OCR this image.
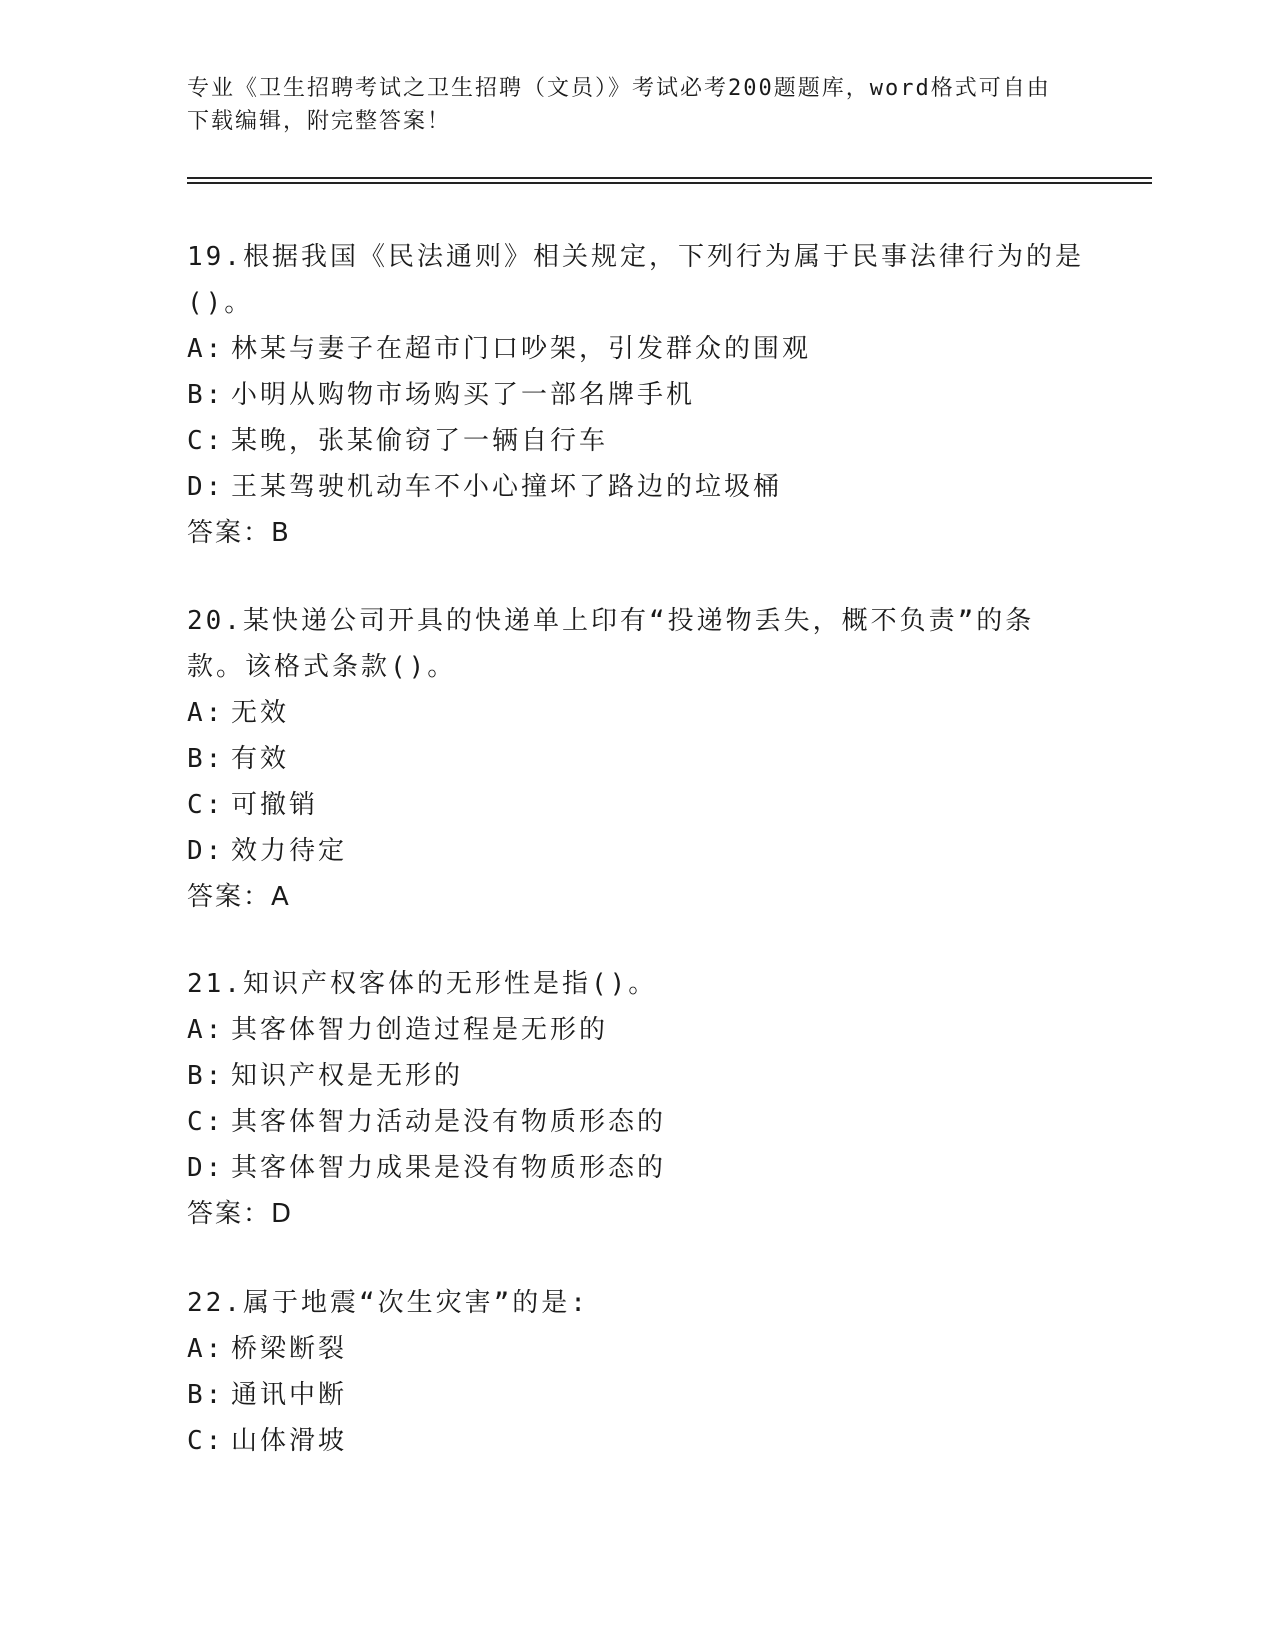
专业《卫生招聘考试之卫生招聘（文员）》考试必考200题题库，word格式可自由下载编辑，附完整答案！

19.根据我国《民法通则》相关规定，下列行为属于民事法律行为的是()。

A: 林某与妻子在超市门口吵架，引发群众的围观

B: 小明从购物市场购买了一部名牌手机

C: 某晚，张某偷窃了一辆自行车

D: 王某驾驶机动车不小心撞坏了路边的垃圾桶

答案：B

20.某快递公司开具的快递单上印有“投递物丢失，概不负责”的条款。该格式条款()。

A: 无效

B: 有效

C: 可撤销

D: 效力待定

答案：A

21.知识产权客体的无形性是指()。

A: 其客体智力创造过程是无形的

B: 知识产权是无形的

C: 其客体智力活动是没有物质形态的

D: 其客体智力成果是没有物质形态的

答案：D

22.属于地震“次生灾害”的是:

A: 桥梁断裂

B: 通讯中断

C: 山体滑坡
